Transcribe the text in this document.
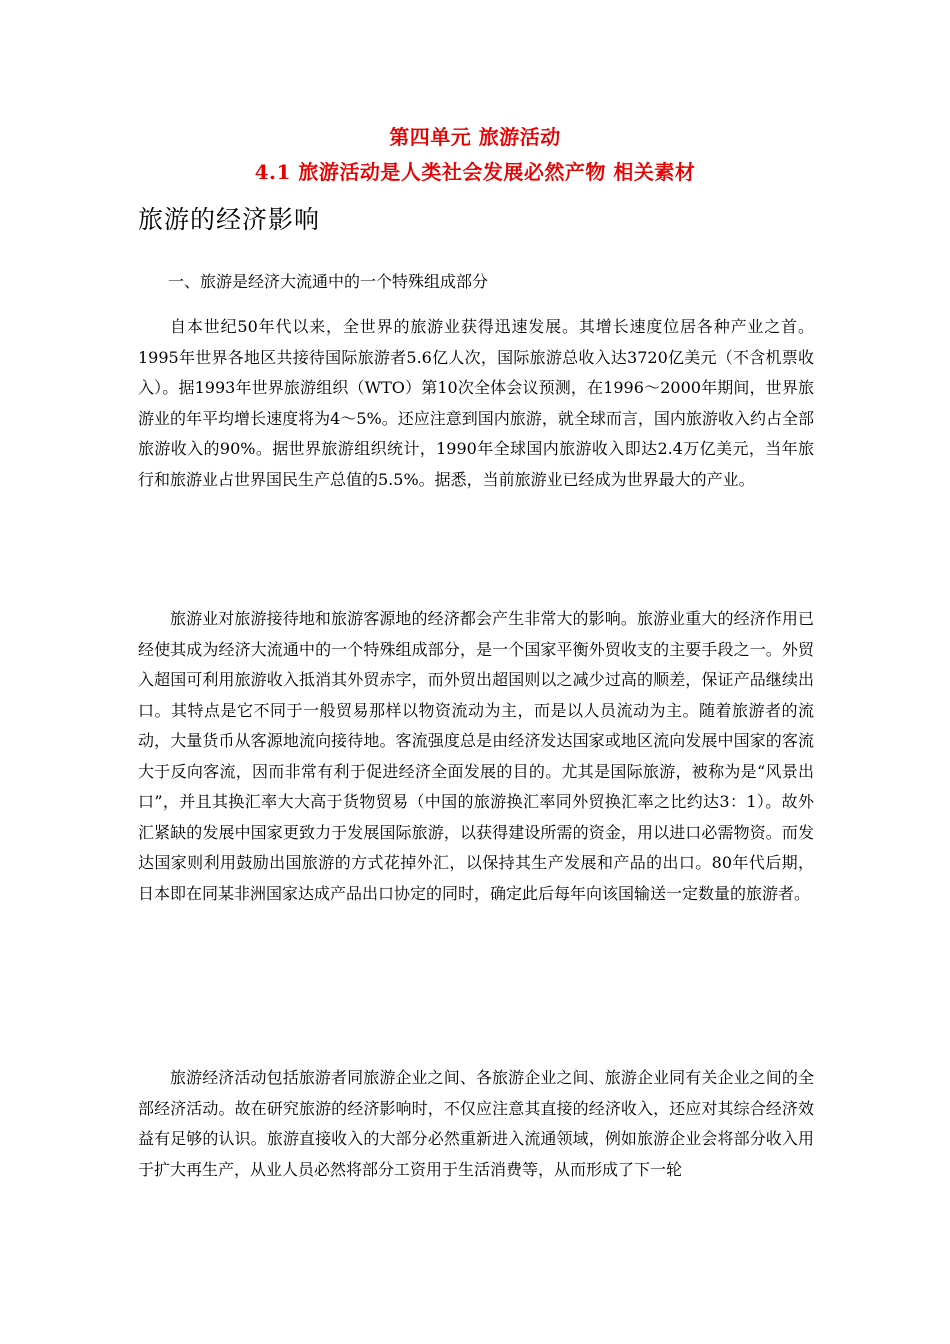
第四单元 旅游活动
4.1 旅游活动是人类社会发展必然产物 相关素材
旅游的经济影响
一、旅游是经济大流通中的一个特殊组成部分

自本世纪50年代以来，全世界的旅游业获得迅速发展。其增长速度位居各种产业之首。1995年世界各地区共接待国际旅游者5.6亿人次，国际旅游总收入达3720亿美元（不含机票收入）。据1993年世界旅游组织（WTO）第10次全体会议预测，在1996～2000年期间，世界旅游业的年平均增长速度将为4～5%。还应注意到国内旅游，就全球而言，国内旅游收入约占全部旅游收入的90%。据世界旅游组织统计，1990年全球国内旅游收入即达2.4万亿美元，当年旅行和旅游业占世界国民生产总值的5.5%。据悉，当前旅游业已经成为世界最大的产业。

旅游业对旅游接待地和旅游客源地的经济都会产生非常大的影响。旅游业重大的经济作用已经使其成为经济大流通中的一个特殊组成部分，是一个国家平衡外贸收支的主要手段之一。外贸入超国可利用旅游收入抵消其外贸赤字，而外贸出超国则以之减少过高的顺差，保证产品继续出口。其特点是它不同于一般贸易那样以物资流动为主，而是以人员流动为主。随着旅游者的流动，大量货币从客源地流向接待地。客流强度总是由经济发达国家或地区流向发展中国家的客流大于反向客流，因而非常有利于促进经济全面发展的目的。尤其是国际旅游，被称为是“风景出口”，并且其换汇率大大高于货物贸易（中国的旅游换汇率同外贸换汇率之比约达3：1）。故外汇紧缺的发展中国家更致力于发展国际旅游，以获得建设所需的资金，用以进口必需物资。而发达国家则利用鼓励出国旅游的方式花掉外汇，以保持其生产发展和产品的出口。80年代后期，日本即在同某非洲国家达成产品出口协定的同时，确定此后每年向该国输送一定数量的旅游者。

旅游经济活动包括旅游者同旅游企业之间、各旅游企业之间、旅游企业同有关企业之间的全部经济活动。故在研究旅游的经济影响时，不仅应注意其直接的经济收入，还应对其综合经济效益有足够的认识。旅游直接收入的大部分必然重新进入流通领域，例如旅游企业会将部分收入用于扩大再生产，从业人员必然将部分工资用于生活消费等，从而形成了下一轮
